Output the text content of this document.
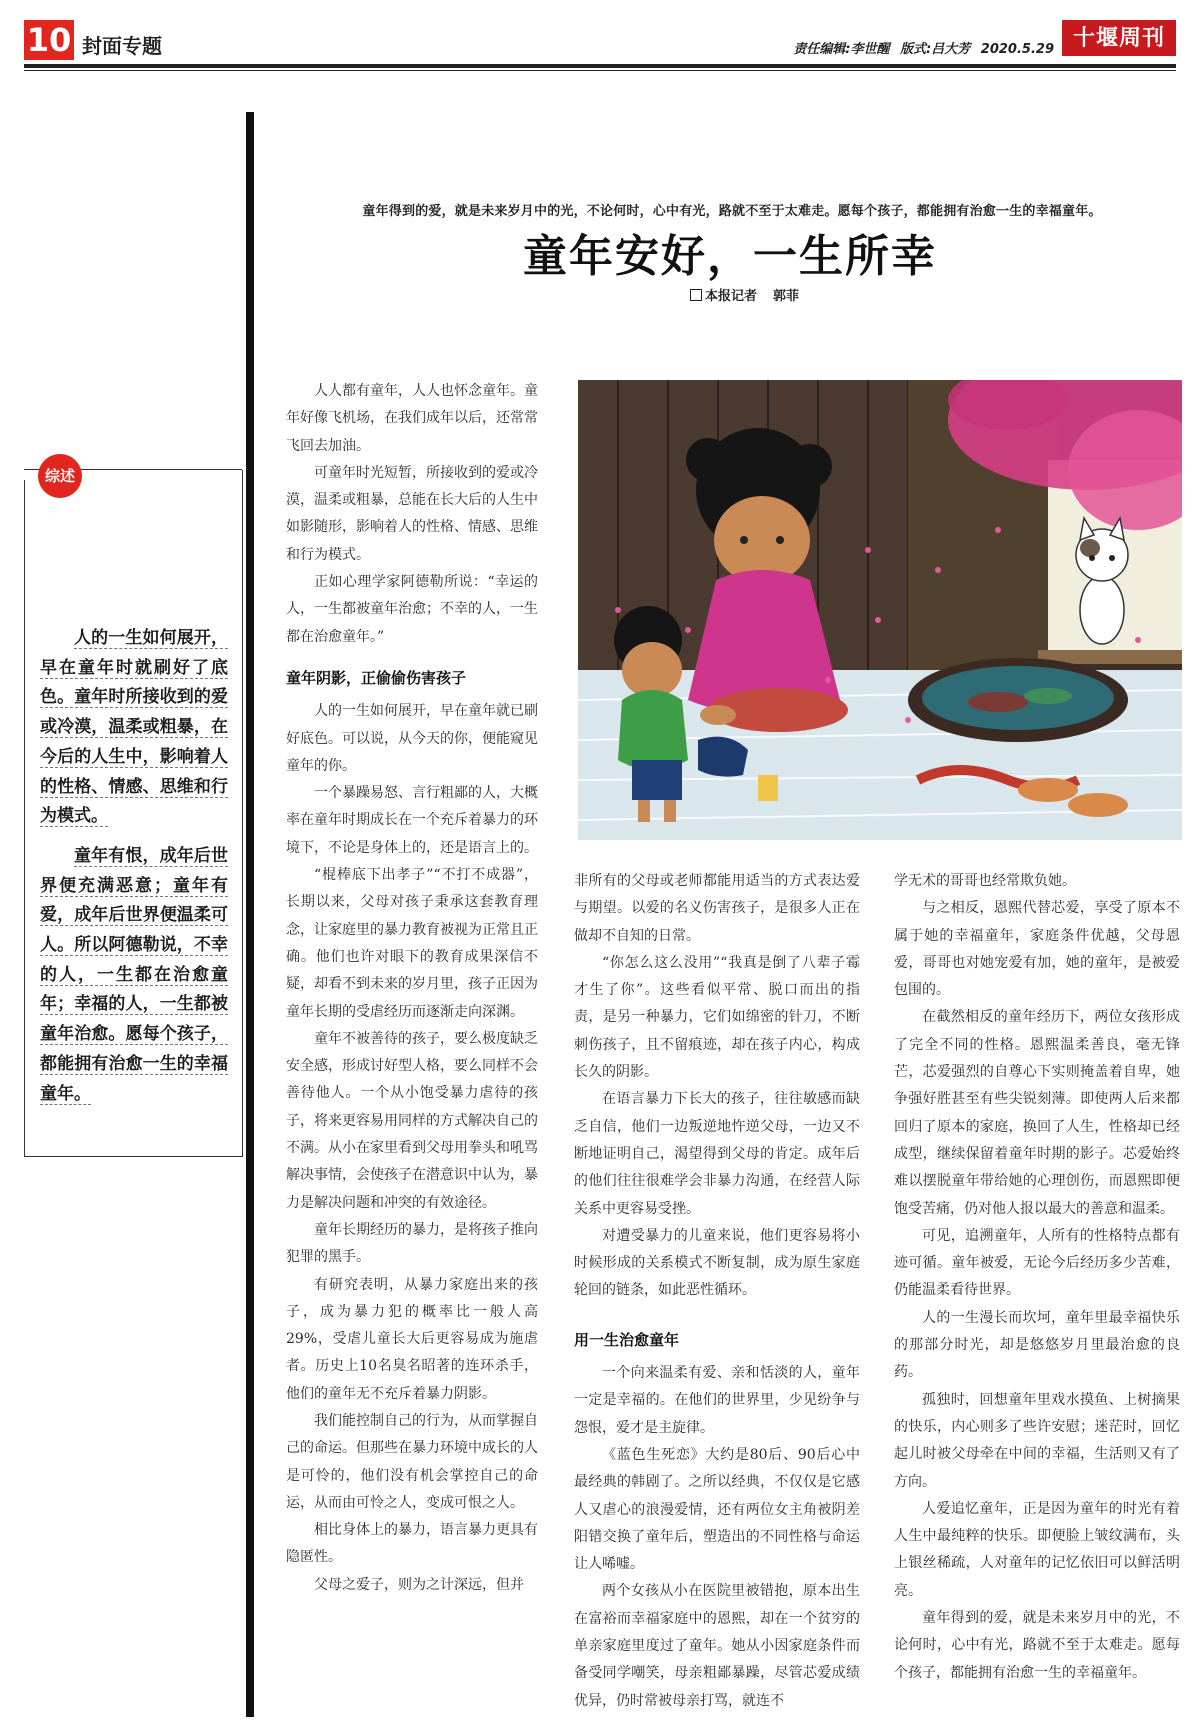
10 封面专题	责任编辑:李世醒 版式:吕大芳 2020.5.29 十堰周刊
综述

人的一生如何展开，早在童年时就刷好了底色。童年时所接收到的爱或冷漠，温柔或粗暴，在今后的人生中，影响着人的性格、情感、思维和行为模式。

童年有恨，成年后世界便充满恶意；童年有爱，成年后世界便温柔可人。所以阿德勒说，不幸的人，一生都在治愈童年；幸福的人，一生都被童年治愈。愿每个孩子，都能拥有治愈一生的幸福童年。

童年得到的爱，就是未来岁月中的光，不论何时，心中有光，路就不至于太难走。愿每个孩子，都能拥有治愈一生的幸福童年。
童年安好，一生所幸
本报记者 郭菲

人人都有童年，人人也怀念童年。童年好像飞机场，在我们成年以后，还常常飞回去加油。

可童年时光短暂，所接收到的爱或冷漠，温柔或粗暴，总能在长大后的人生中如影随形，影响着人的性格、情感、思维和行为模式。

正如心理学家阿德勒所说：“幸运的人，一生都被童年治愈；不幸的人，一生都在治愈童年。”

童年阴影，正偷偷伤害孩子

人的一生如何展开，早在童年就已刷好底色。可以说，从今天的你，便能窥见童年的你。

一个暴躁易怒、言行粗鄙的人，大概率在童年时期成长在一个充斥着暴力的环境下，不论是身体上的，还是语言上的。

“棍棒底下出孝子”“不打不成器”，长期以来，父母对孩子秉承这套教育理念，让家庭里的暴力教育被视为正常且正确。他们也许对眼下的教育成果深信不疑，却看不到未来的岁月里，孩子正因为童年长期的受虐经历而逐渐走向深渊。

童年不被善待的孩子，要么极度缺乏安全感，形成讨好型人格，要么同样不会善待他人。一个从小饱受暴力虐待的孩子，将来更容易用同样的方式解决自己的不满。从小在家里看到父母用拳头和吼骂解决事情，会使孩子在潜意识中认为，暴力是解决问题和冲突的有效途径。

童年长期经历的暴力，是将孩子推向犯罪的黑手。

有研究表明，从暴力家庭出来的孩子，成为暴力犯的概率比一般人高29%，受虐儿童长大后更容易成为施虐者。历史上10名臭名昭著的连环杀手，他们的童年无不充斥着暴力阴影。

我们能控制自己的行为，从而掌握自己的命运。但那些在暴力环境中成长的人是可怜的，他们没有机会掌控自己的命运，从而由可怜之人，变成可恨之人。

相比身体上的暴力，语言暴力更具有隐匿性。

父母之爱子，则为之计深远，但并

非所有的父母或老师都能用适当的方式表达爱与期望。以爱的名义伤害孩子，是很多人正在做却不自知的日常。

“你怎么这么没用”“我真是倒了八辈子霉才生了你”。这些看似平常、脱口而出的指责，是另一种暴力，它们如绵密的针刀，不断刺伤孩子，且不留痕迹，却在孩子内心，构成长久的阴影。

在语言暴力下长大的孩子，往往敏感而缺乏自信，他们一边叛逆地忤逆父母，一边又不断地证明自己，渴望得到父母的肯定。成年后的他们往往很难学会非暴力沟通，在经营人际关系中更容易受挫。

对遭受暴力的儿童来说，他们更容易将小时候形成的关系模式不断复制，成为原生家庭轮回的链条，如此恶性循环。

用一生治愈童年

一个向来温柔有爱、亲和恬淡的人，童年一定是幸福的。在他们的世界里，少见纷争与怨恨，爱才是主旋律。

《蓝色生死恋》大约是80后、90后心中最经典的韩剧了。之所以经典，不仅仅是它感人又虐心的浪漫爱情，还有两位女主角被阴差阳错交换了童年后，塑造出的不同性格与命运让人唏嘘。

两个女孩从小在医院里被错抱，原本出生在富裕而幸福家庭中的恩熙，却在一个贫穷的单亲家庭里度过了童年。她从小因家庭条件而备受同学嘲笑，母亲粗鄙暴躁，尽管芯爱成绩优异，仍时常被母亲打骂，就连不

学无术的哥哥也经常欺负她。

与之相反，恩熙代替芯爱，享受了原本不属于她的幸福童年，家庭条件优越，父母恩爱，哥哥也对她宠爱有加，她的童年，是被爱包围的。

在截然相反的童年经历下，两位女孩形成了完全不同的性格。恩熙温柔善良，毫无锋芒，芯爱强烈的自尊心下实则掩盖着自卑，她争强好胜甚至有些尖锐刻薄。即使两人后来都回归了原本的家庭，换回了人生，性格却已经成型，继续保留着童年时期的影子。芯爱始终难以摆脱童年带给她的心理创伤，而恩熙即便饱受苦痛，仍对他人报以最大的善意和温柔。

可见，追溯童年，人所有的性格特点都有迹可循。童年被爱，无论今后经历多少苦难，仍能温柔看待世界。

人的一生漫长而坎坷，童年里最幸福快乐的那部分时光，却是悠悠岁月里最治愈的良药。

孤独时，回想童年里戏水摸鱼、上树摘果的快乐，内心则多了些许安慰；迷茫时，回忆起儿时被父母牵在中间的幸福，生活则又有了方向。

人爱追忆童年，正是因为童年的时光有着人生中最纯粹的快乐。即便脸上皱纹满布，头上银丝稀疏，人对童年的记忆依旧可以鲜活明亮。

童年得到的爱，就是未来岁月中的光，不论何时，心中有光，路就不至于太难走。愿每个孩子，都能拥有治愈一生的幸福童年。
